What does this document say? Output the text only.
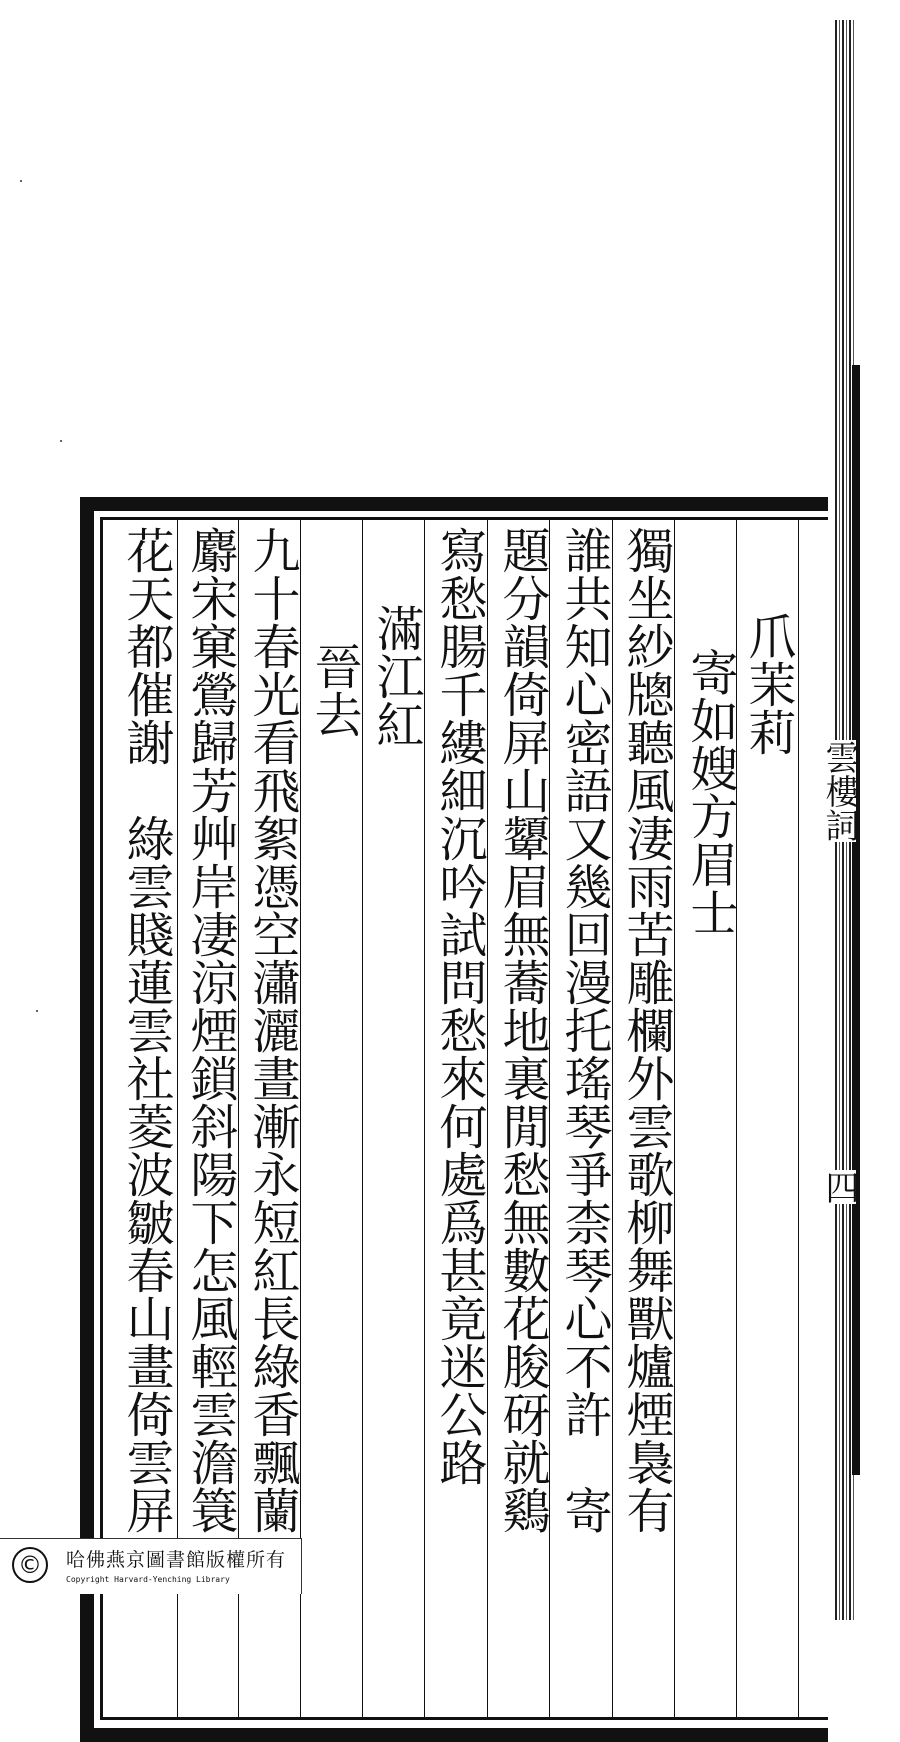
雲樓詞
四
爪茉莉
寄如嫂方眉士
獨坐紗牕聽風淒雨苦雕欄外雲歌柳舞獸爐煙裊有
誰共知心密語又幾回漫托瑤琴爭柰琴心不許　寄
題分韻倚屏山顰眉無蕎地裏閒愁無數花朘砑就鷄
寫愁腸千縷細沉吟試問愁來何處爲甚竟迷公路
滿江紅
晉去
九十春光看飛絮憑空瀟灑晝漸永短紅長綠香飄蘭
麝宋窠鶯歸芳艸岸凄涼煙鎖斜陽下怎風輕雲澹簑
花天都催謝　綠雲賤蓮雲社菱波皺春山畫倚雲屏
©	哈佛燕京圖書館版權所有
Copyright Harvard-Yenching Library
